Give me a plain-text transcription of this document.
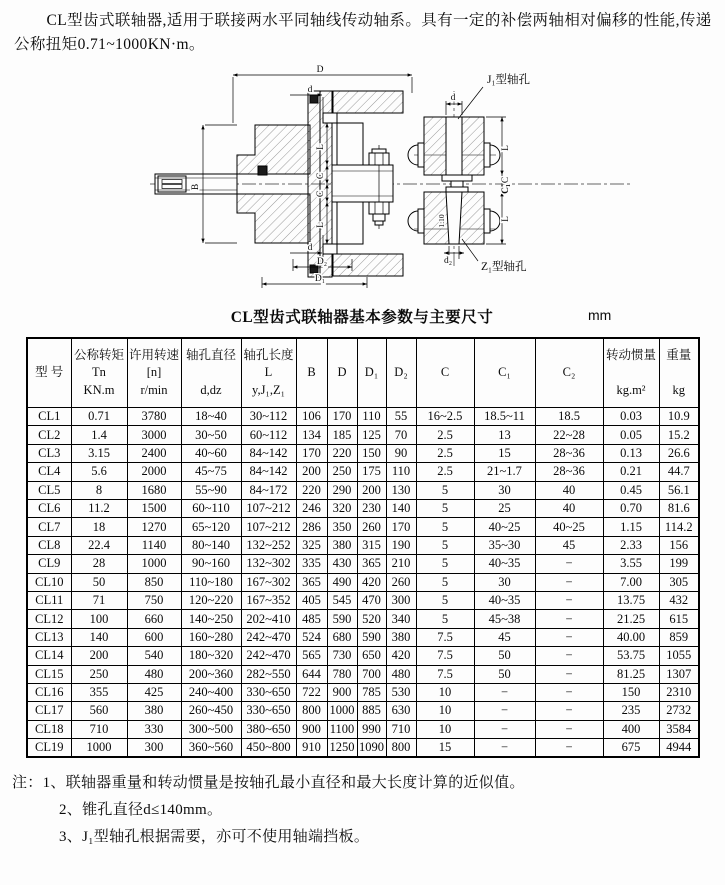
CL型齿式联轴器,适用于联接两水平同轴线传动轴系。具有一定的补偿两轴相对偏移的性能,传递公称扭矩0.71~1000KN·m。

D
d
B
L
C
C
L
d
D₂
D₁
J₁型轴孔
Z₁型轴孔
d
L
C
C₁
L
1:10
d₂
CL型齿式联轴器基本参数与主要尺寸	mm
型 号	公称转矩
Tn
KN.m	许用转速
[n]
r/min	轴孔直径

d,dz	轴孔长度
L
y,J₁,Z₁	B	D	D₁	D₂	C	C₁	C₂	转动惯量

kg.m²	重量

kg
CL1	0.71	3780	18~40	30~112	106	170	110	55	16~2.5	18.5~11	18.5	0.03	10.9
CL2	1.4	3000	30~50	60~112	134	185	125	70	2.5	13	22~28	0.05	15.2
CL3	3.15	2400	40~60	84~142	170	220	150	90	2.5	15	28~36	0.13	26.6
CL4	5.6	2000	45~75	84~142	200	250	175	110	2.5	21~1.7	28~36	0.21	44.7
CL5	8	1680	55~90	84~172	220	290	200	130	5	30	40	0.45	56.1
CL6	11.2	1500	60~110	107~212	246	320	230	140	5	25	40	0.70	81.6
CL7	18	1270	65~120	107~212	286	350	260	170	5	40~25	40~25	1.15	114.2
CL8	22.4	1140	80~140	132~252	325	380	315	190	5	35~30	45	2.33	156
CL9	28	1000	90~160	132~302	335	430	365	210	5	40~35	−	3.55	199
CL10	50	850	110~180	167~302	365	490	420	260	5	30	−	7.00	305
CL11	71	750	120~220	167~352	405	545	470	300	5	40~35	−	13.75	432
CL12	100	660	140~250	202~410	485	590	520	340	5	45~38	−	21.25	615
CL13	140	600	160~280	242~470	524	680	590	380	7.5	45	−	40.00	859
CL14	200	540	180~320	242~470	565	730	650	420	7.5	50	−	53.75	1055
CL15	250	480	200~360	282~550	644	780	700	480	7.5	50	−	81.25	1307
CL16	355	425	240~400	330~650	722	900	785	530	10	−	−	150	2310
CL17	560	380	260~450	330~650	800	1000	885	630	10	−	−	235	2732
CL18	710	330	300~500	380~650	900	1100	990	710	10	−	−	400	3584
CL19	1000	300	360~560	450~800	910	1250	1090	800	15	−	−	675	4944
注： 1、联轴器重量和转动惯量是按轴孔最小直径和最大长度计算的近似值。
2、锥孔直径d≤140mm。
3、J₁型轴孔根据需要，亦可不使用轴端挡板。
